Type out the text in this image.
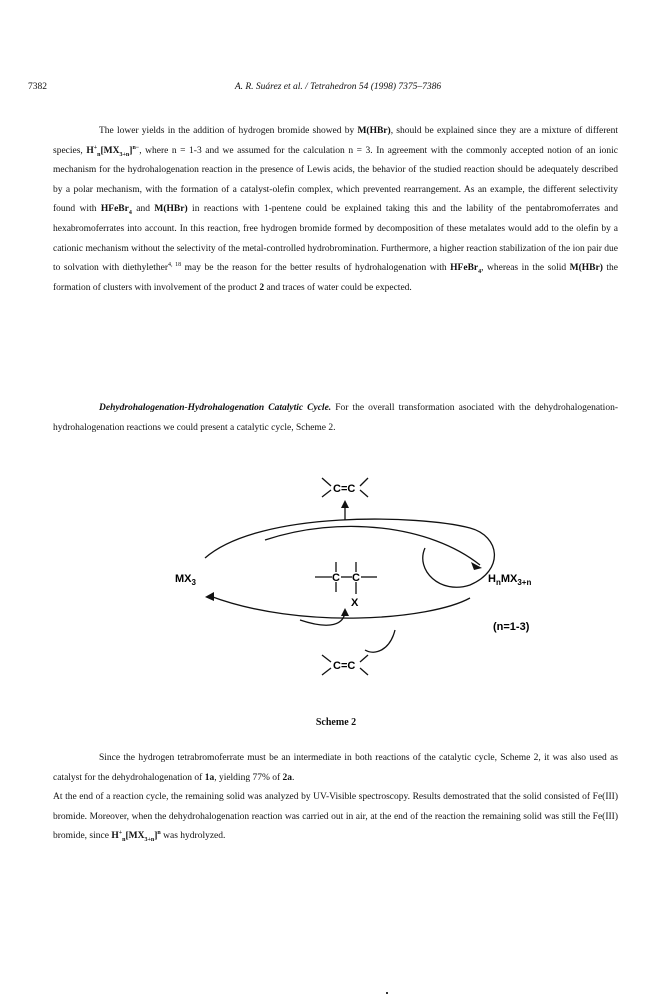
7382	A. R. Suárez et al. / Tetrahedron 54 (1998) 7375–7386

The lower yields in the addition of hydrogen bromide showed by M(HBr), should be explained since they are a mixture of different species, $H^+_n[MX_{3+n}]^{n-}$, where n = 1-3 and we assumed for the calculation n = 3. In agreement with the commonly accepted notion of an ionic mechanism for the hydrohalogenation reaction in the presence of Lewis acids, the behavior of the studied reaction should be adequately described by a polar mechanism, with the formation of a catalyst-olefin complex, which prevented rearrangement. As an example, the different selectivity found with HFeBr$_4$ and M(HBr) in reactions with 1-pentene could be explained taking this and the lability of the pentabromoferrates and hexabromoferrates into account. In this reaction, free hydrogen bromide formed by decomposition of these metalates would add to the olefin by a cationic mechanism without the selectivity of the metal-controlled hydrobromination. Furthermore, a higher reaction stabilization of the ion pair due to solvation with diethylether$^{4, 18}$ may be the reason for the better results of hydrohalogenation with HFeBr$_4$, whereas in the solid M(HBr) the formation of clusters with involvement of the product 2 and traces of water could be expected.

Dehydrohalogenation-Hydrohalogenation Catalytic Cycle. For the overall transformation asociated with the dehydrohalogenation-hydrohalogenation reactions we could present a catalytic cycle, Scheme 2.

C=C
$MX_3$	$H_nMX_{3+n}$
(n=1-3)
C C
X
C=C
Scheme 2

Since the hydrogen tetrabromoferrate must be an intermediate in both reactions of the catalytic cycle, Scheme 2, it was also used as catalyst for the dehydrohalogenation of 1a, yielding 77% of 2a.
At the end of a reaction cycle, the remaining solid was analyzed by UV-Visible spectroscopy. Results demostrated that the solid consisted of Fe(III) bromide. Moreover, when the dehydrohalogenation reaction was carried out in air, at the end of the reaction the remaining solid was still the Fe(III) bromide, since $H^+_n[MX_{3+n}]^n$ was hydrolyzed.
